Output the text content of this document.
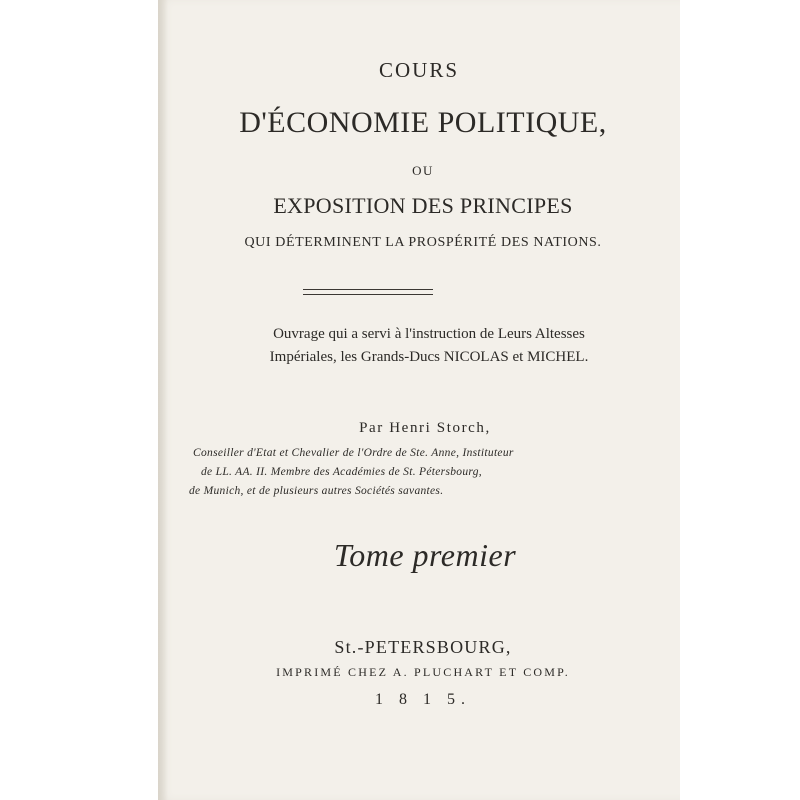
COURS
D'ÉCONOMIE POLITIQUE,
OU
EXPOSITION DES PRINCIPES
QUI DÉTERMINENT LA PROSPÉRITÉ DES NATIONS.
Ouvrage qui a servi à l'instruction de Leurs Altesses
Impériales, les Grands-Ducs NICOLAS et MICHEL.
Par Henri Storch,
Conseiller d'Etat et Chevalier de l'Ordre de Ste. Anne, Instituteur
de LL. AA. II. Membre des Académies de St. Pétersbourg,
de Munich, et de plusieurs autres Sociétés savantes.
Tome premier
St.-PETERSBOURG,
IMPRIMÉ CHEZ A. PLUCHART ET COMP.
1 8 1 5.
